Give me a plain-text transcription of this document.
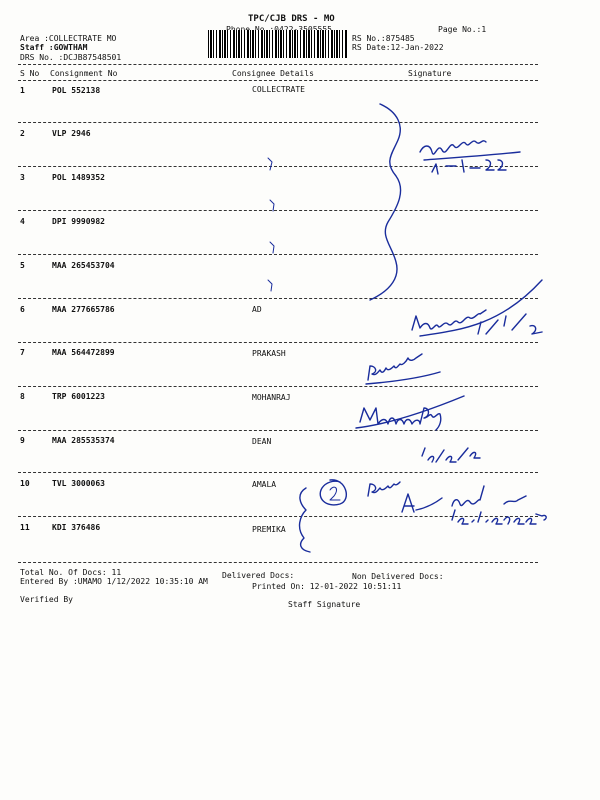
TPC/CJB DRS - MO
Page No.:1
Area :COLLECTRATE MO
Staff :GOWTHAM
DRS No. :DCJB87548501
RS No.:875485
RS Date:12-Jan-2022
S No Consignment No	Consignee Details	Signature
1	POL 552138	COLLECTRATE
2	VLP 2946
3	POL 1489352
4	DPI 9990982
5	MAA 265453704
6	MAA 277665786	AD
7	MAA 564472899	PRAKASH
8	TRP 6001223	MOHANRAJ
9	MAA 285535374	DEAN
10	TVL 3000063	AMALA
11	KDI 376486	PREMIKA
Total No. Of Docs: 11	Delivered Docs:	Non Delivered Docs:
Entered By :UMAMO 1/12/2022 10:35:10 AM
Printed On: 12-01-2022 10:51:11
Verified By
Staff Signature
